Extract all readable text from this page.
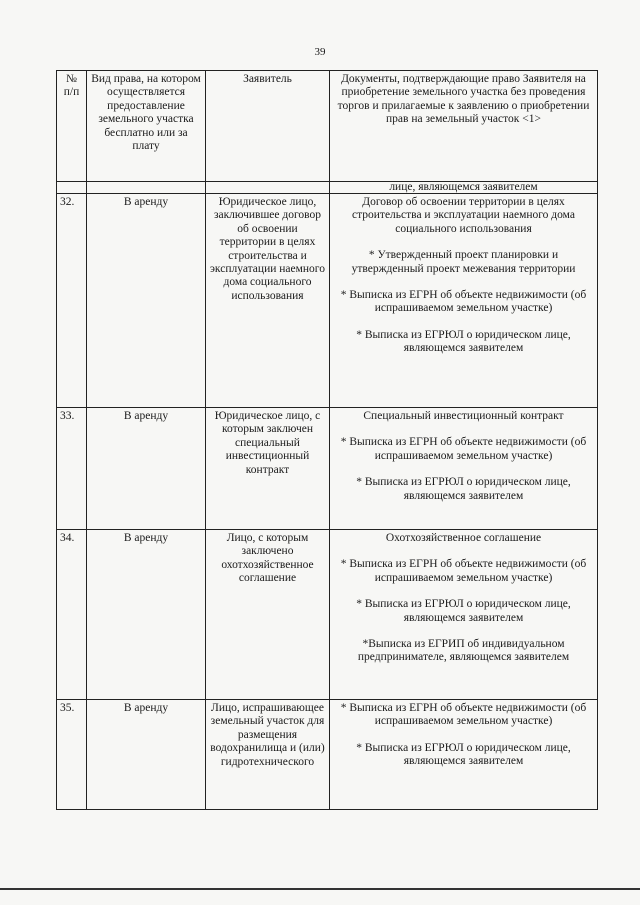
39
№ п/п	Вид права, на котором осуществляется предоставление земельного участка бесплатно или за плату	Заявитель	Документы, подтверждающие право Заявителя на приобретение земельного участка без проведения торгов и прилагаемые к заявлению о приобретении прав на земельный участок <1>
			лице, являющемся заявителем
32.	В аренду	Юридическое лицо, заключившее договор об освоении территории в целях строительства и эксплуатации наемного дома социального использования	Договор об освоении территории в целях строительства и эксплуатации наемного дома социального использования

* Утвержденный проект планировки и утвержденный проект межевания территории

* Выписка из ЕГРН об объекте недвижимости (об испрашиваемом земельном участке)

* Выписка из ЕГРЮЛ о юридическом лице, являющемся заявителем

33.	В аренду	Юридическое лицо, с которым заключен специальный инвестиционный контракт	Специальный инвестиционный контракт

* Выписка из ЕГРН об объекте недвижимости (об испрашиваемом земельном участке)

* Выписка из ЕГРЮЛ о юридическом лице, являющемся заявителем

34.	В аренду	Лицо, с которым заключено охотхозяйственное соглашение	Охотхозяйственное соглашение

* Выписка из ЕГРН об объекте недвижимости (об испрашиваемом земельном участке)

* Выписка из ЕГРЮЛ о юридическом лице, являющемся заявителем

*Выписка из ЕГРИП об индивидуальном предпринимателе, являющемся заявителем

35.	В аренду	Лицо, испрашивающее земельный участок для размещения водохранилища и (или) гидротехнического	* Выписка из ЕГРН об объекте недвижимости (об испрашиваемом земельном участке)

* Выписка из ЕГРЮЛ о юридическом лице, являющемся заявителем
